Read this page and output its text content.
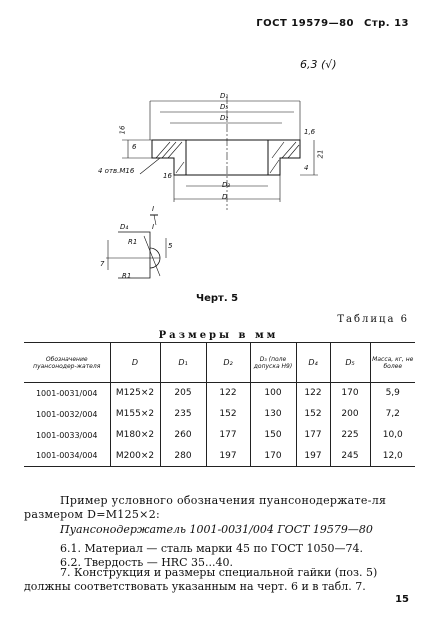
ГОСТ 19579—80 Стр. 13
6,3 (√)
D₁
D₅
D₂
D₃
D
16
6
21
4
4 отв.М16
1,6
16
I
I
D₄
R1
R1
7
5
Черт. 5
Таблица 6
Размеры в мм
Обозначение пуансонодер-жателя	D	D₁	D₂	D₃ (поле допуска H9)	D₄	D₅	Масса, кг, не более
1001-0031/004	M125×2	205	122	100	122	170	5,9
1001-0032/004	M155×2	235	152	130	152	200	7,2
1001-0033/004	M180×2	260	177	150	177	225	10,0
1001-0034/004	M200×2	280	197	170	197	245	12,0
Пример условного обозначения пуансонодержате-ля размером D=M125×2:
Пуансонодержатель 1001-0031/004 ГОСТ 19579—80
6.1. Материал — сталь марки 45 по ГОСТ 1050—74.
6.2. Твердость — HRC 35...40.
7. Конструкция и размеры специальной гайки (поз. 5) должны соответствовать указанным на черт. 6 и в табл. 7.
15
